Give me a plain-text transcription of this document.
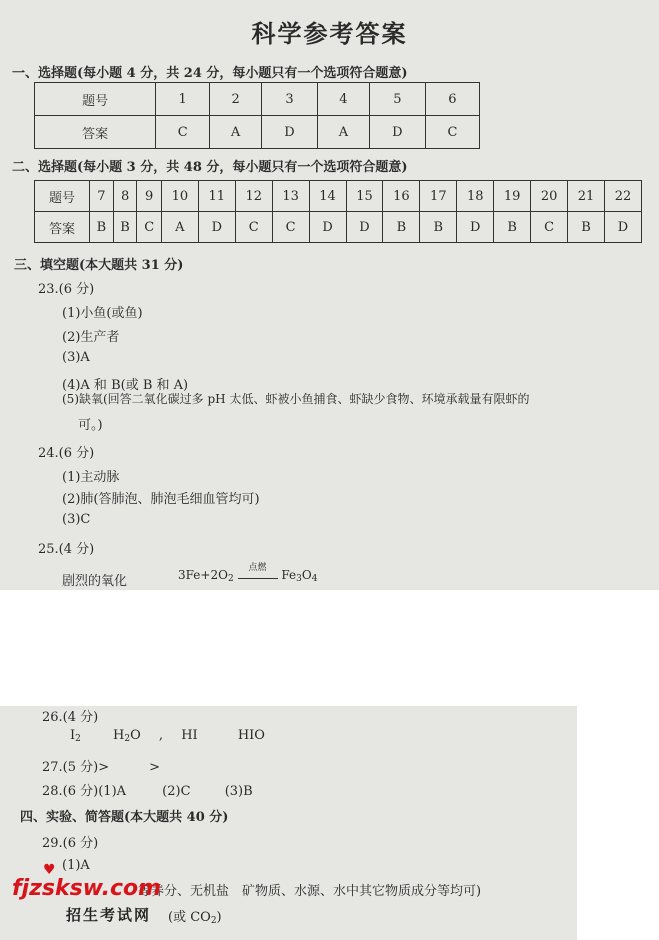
科学参考答案
一、选择题(每小题 4 分，共 24 分，每小题只有一个选项符合题意)
题号	1	2	3	4	5	6
答案	C	A	D	A	D	C
二、选择题(每小题 3 分，共 48 分，每小题只有一个选项符合题意)
题号	7	8	9	10	11	12	13	14	15	16	17	18	19	20	21	22
答案	B	B	C	A	D	C	C	D	D	B	B	D	B	C	B	D
三、填空题(本大题共 31 分)
23.(6 分)
(1)小鱼(或鱼)
(2)生产者
(3)A
(4)A 和 B(或 B 和 A)
(5)缺氧(回答二氧化碳过多 pH 太低、虾被小鱼捕食、虾缺少食物、环境承载量有限虾的
可。)
24.(6 分)
(1)主动脉
(2)肺(答肺泡、肺泡毛细血管均可)
(3)C
25.(4 分)
剧烈的氧化	$3Fe+2O_2$
点燃	$Fe_3O_4$
26.(4 分)
$I_2$ $H_2O$ , HI	HIO
27.(5 分)>	>
28.(6 分)(1)A	(2)C	(3)B
四、实验、简答题(本大题共 40 分)
29.(6 分)
(1)A
等养分、无机盐　矿物质、水源、水中其它物质成分等均可)
(或 $CO_2$)
♥
fjzsksw.com
招生考试网
